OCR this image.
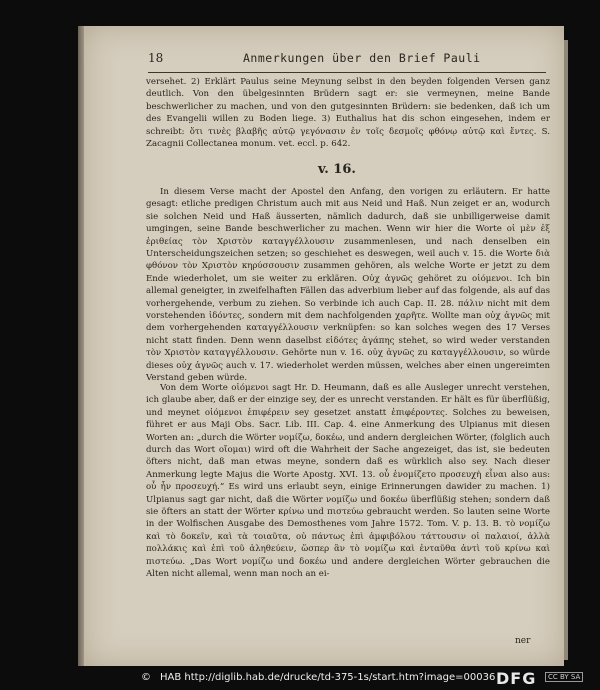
18	Anmerkungen über den Brief Pauli

versehet. 2) Erklärt Paulus seine Meynung selbst in den beyden folgenden Versen ganz deutlich. Von den übelgesinnten Brüdern sagt er: sie vermeynen, meine Bande beschwerlicher zu machen, und von den gutgesinnten Brüdern: sie bedenken, daß ich um des Evangelii willen zu Boden liege. 3) Euthalius hat dis schon eingesehen, indem er schreibt: ὅτι τινὲς βλαβῆς αὐτῷ γεγόνασιν ἐν τοῖς δεσμοῖς φθόνῳ αὐτῷ καὶ ἔντες. S. Zacagnii Collectanea monum. vet. eccl. p. 642.

v. 16.

In diesem Verse macht der Apostel den Anfang, den vorigen zu erläutern. Er hatte gesagt: etliche predigen Christum auch mit aus Neid und Haß. Nun zeiget er an, wodurch sie solchen Neid und Haß äusserten, nämlich dadurch, daß sie unbilligerweise damit umgingen, seine Bande beschwerlicher zu machen. Wenn wir hier die Worte οἱ μὲν ἐξ ἐριθείας τὸν Χριστὸν καταγγέλλουσιν zusammenlesen, und nach denselben ein Unterscheidungszeichen setzen; so geschiehet es deswegen, weil auch v. 15. die Worte διὰ φθόνον τὸν Χριστὸν κηρύσσουσιν zusammen gehören, als welche Worte er jetzt zu dem Ende wiederholet, um sie weiter zu erklären. Οὐχ ἁγνῶς gehöret zu οἰόμενοι. Ich bin allemal geneigter, in zweifelhaften Fällen das adverbium lieber auf das folgende, als auf das vorhergehende, verbum zu ziehen. So verbinde ich auch Cap. II. 28. πάλιν nicht mit dem vorstehenden ἰδόντες, sondern mit dem nachfolgenden χαρῆτε. Wollte man οὐχ ἁγνῶς mit dem vorhergehenden καταγγέλλουσιν verknüpfen: so kan solches wegen des 17 Verses nicht statt finden. Denn wenn daselbst εἰδότες ἀγάπης stehet, so wird weder verstanden τὸν Χριστὸν καταγγέλλουσιν. Gehörte nun v. 16. οὐχ ἁγνῶς zu καταγγέλλουσιν, so würde dieses οὐχ ἁγνῶς auch v. 17. wiederholet werden müssen, welches aber einen ungereimten Verstand geben würde.

Von dem Worte οἰόμενοι sagt Hr. D. Heumann, daß es alle Ausleger unrecht verstehen, ich glaube aber, daß er der einzige sey, der es unrecht verstanden. Er hält es für überflüßig, und meynet οἰόμενοι ἐπιφέρειν sey gesetzet anstatt ἐπιφέροντες. Solches zu beweisen, führet er aus Maji Obs. Sacr. Lib. III. Cap. 4. eine Anmerkung des Ulpianus mit diesen Worten an: „durch die Wörter νομίζω, δοκέω, und andern dergleichen Wörter, (folglich auch durch das Wort οἴομαι) wird oft die Wahrheit der Sache angezeiget, das ist, sie bedeuten öfters nicht, daß man etwas meyne, sondern daß es würklich also sey. Nach dieser Anmerkung legte Majus die Worte Apostg. XVI. 13. οὗ ἐνομίζετο προσευχὴ εἶναι also aus: οὗ ἦν προσευχή.“ Es wird uns erlaubt seyn, einige Erinnerungen dawider zu machen. 1) Ulpianus sagt gar nicht, daß die Wörter νομίζω und δοκέω überflüßig stehen; sondern daß sie öfters an statt der Wörter κρίνω und πιστεύω gebraucht werden. So lauten seine Worte in der Wolfischen Ausgabe des Demosthenes vom Jahre 1572. Tom. V. p. 13. B. τὸ νομίζω καὶ τὸ δοκεῖν, καὶ τὰ τοιαῦτα, οὐ πάντως ἐπὶ ἀμφιβόλου τάττουσιν οἱ παλαιοί, ἀλλὰ πολλάκις καὶ ἐπὶ τοῦ ἀληθεύειν, ὥσπερ ἂν τὸ νομίζω καὶ ἐνταῦθα ἀντὶ τοῦ κρίνω καὶ πιστεύω. „Das Wort νομίζω und δοκέω und andere dergleichen Wörter gebrauchen die Alten nicht allemal, wenn man noch an ei-

ner
© HAB http://diglib.hab.de/drucke/td-375-1s/start.htm?image=00036 DFG	CC BY SA
